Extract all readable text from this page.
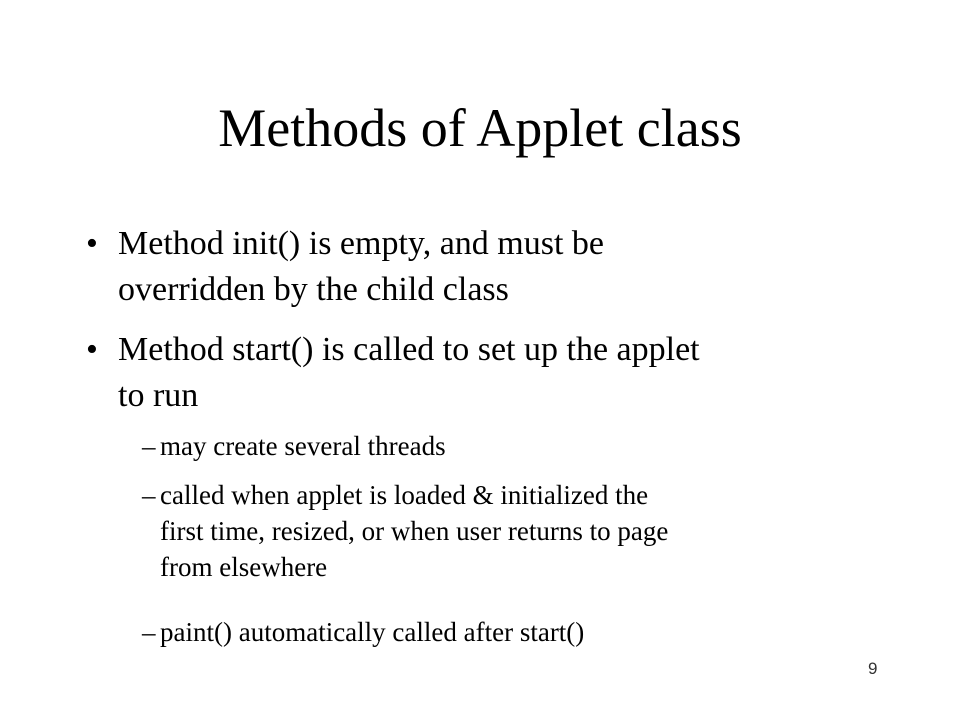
Methods of Applet class
• Method init() is empty, and must be
overridden by the child class
• Method start() is called to set up the applet
to run
– may create several threads
– called when applet is loaded & initialized the
first time, resized, or when user returns to page
from elsewhere
– paint() automatically called after start()
9
